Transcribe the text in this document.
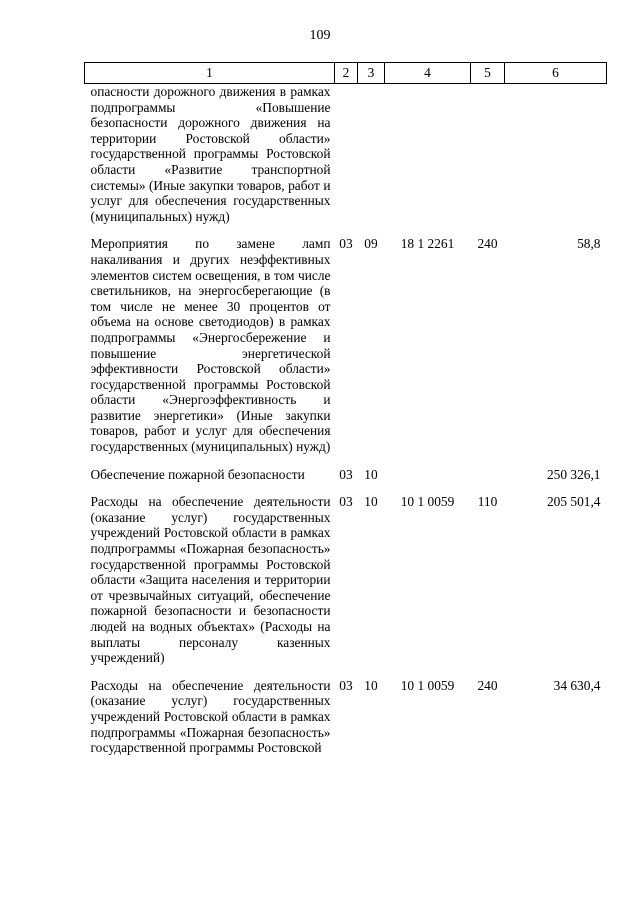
109
1	2	3	4	5	6
опасности дорожного движения в рамках подпрограммы «Повышение безопасности дорожного движения на территории Ростовской области» государственной программы Ростовской области «Развитие транспортной системы» (Иные закупки товаров, работ и услуг для обеспечения государственных (муниципальных) нужд)					
Мероприятия по замене ламп накаливания и других неэффективных элементов систем освещения, в том числе светильников, на энергосберегающие (в том числе не менее 30 процентов от объема на основе светодиодов) в рамках подпрограммы «Энергосбережение и повышение энергетической эффективности Ростовской области» государственной программы Ростовской области «Энергоэффективность и развитие энергетики» (Иные закупки товаров, работ и услуг для обеспечения государственных (муниципальных) нужд)	03	09	18 1 2261	240	58,8
Обеспечение пожарной безопасности	03	10			250 326,1
Расходы на обеспечение деятельности (оказание услуг) государственных учреждений Ростовской области в рамках подпрограммы «Пожарная безопасность» государственной программы Ростовской области «Защита населения и территории от чрезвычайных ситуаций, обеспечение пожарной безопасности и безопасности людей на водных объектах» (Расходы на выплаты персоналу казенных учреждений)	03	10	10 1 0059	110	205 501,4
Расходы на обеспечение деятельности (оказание услуг) государственных учреждений Ростовской области в рамках подпрограммы «Пожарная безопасность» государственной программы Ростовской	03	10	10 1 0059	240	34 630,4
